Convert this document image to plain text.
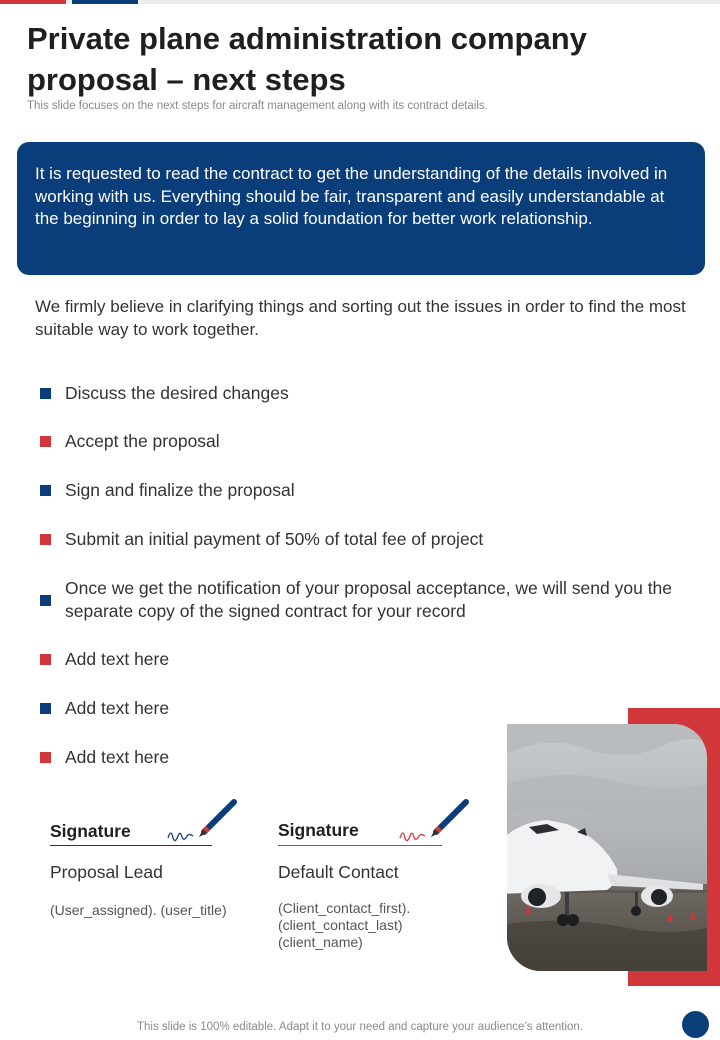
Private plane administration company proposal – next steps
This slide focuses on the next steps for aircraft management along with its contract details.
It is requested to read the contract to get the understanding of the details involved in working with us. Everything should be fair, transparent and easily understandable at the beginning in order to lay a solid foundation for better work relationship.
We firmly believe in clarifying things and sorting out the issues in order to find the most suitable way to work together.
Discuss the desired changes
Accept the proposal
Sign and finalize the proposal
Submit an initial payment of 50% of total fee of project
Once we get the notification of your proposal acceptance, we will send you the separate copy of the signed contract for your record
Add text here
Add text here
Add text here
Signature
Proposal Lead
(User_assigned). (user_title)
Signature
Default Contact
(Client_contact_first).
(client_contact_last)
(client_name)
This slide is 100% editable. Adapt it to your need and capture your audience’s attention.
